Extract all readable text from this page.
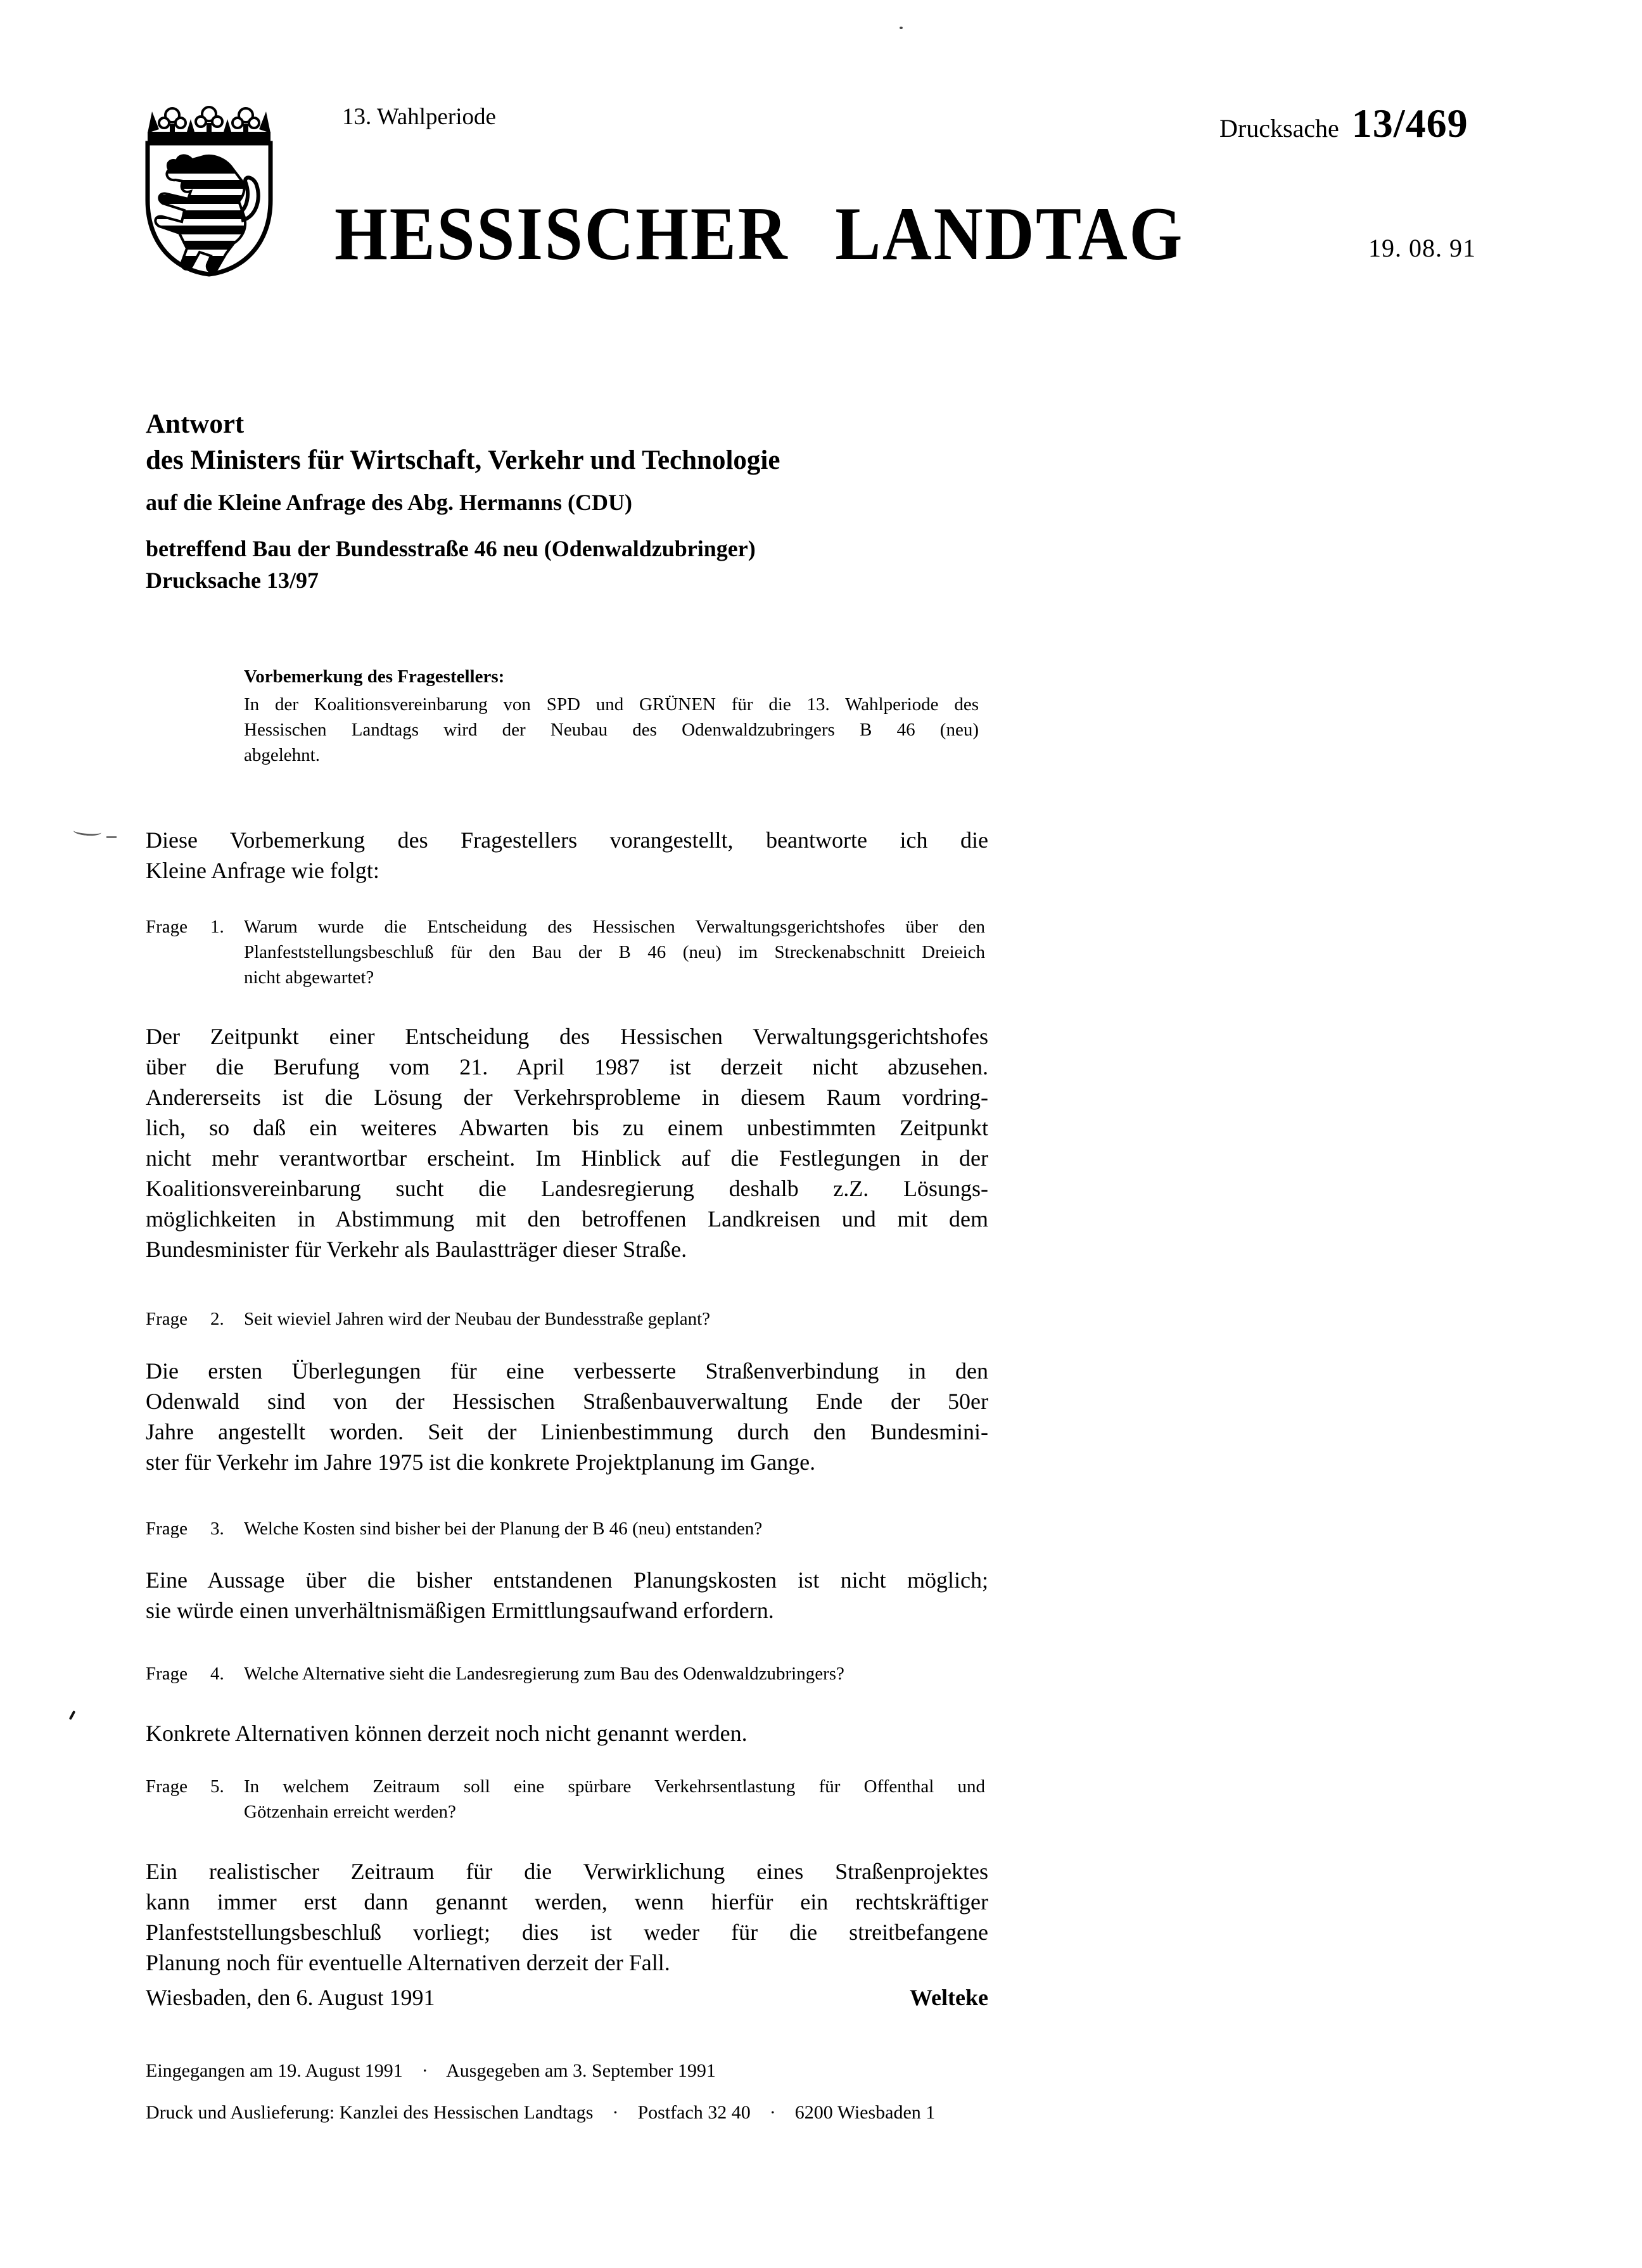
13. Wahlperiode	Drucksache 13/469
HESSISCHER LANDTAG	19. 08. 91
Antwort
des Ministers für Wirtschaft, Verkehr und Technologie
auf die Kleine Anfrage des Abg. Hermanns (CDU)
betreffend Bau der Bundesstraße 46 neu (Odenwaldzubringer)
Drucksache 13/97
Vorbemerkung des Fragestellers:
In der Koalitionsvereinbarung von SPD und GRÜNEN für die 13. Wahlperiode des
Hessischen Landtags wird der Neubau des Odenwaldzubringers B 46 (neu)
abgelehnt.
Diese Vorbemerkung des Fragestellers vorangestellt, beantworte ich die
Kleine Anfrage wie folgt:
Frage 1. Warum wurde die Entscheidung des Hessischen Verwaltungsgerichtshofes über den
Planfeststellungsbeschluß für den Bau der B 46 (neu) im Streckenabschnitt Dreieich
nicht abgewartet?
Der Zeitpunkt einer Entscheidung des Hessischen Verwaltungsgerichtshofes
über die Berufung vom 21. April 1987 ist derzeit nicht abzusehen.
Andererseits ist die Lösung der Verkehrsprobleme in diesem Raum vordring-
lich, so daß ein weiteres Abwarten bis zu einem unbestimmten Zeitpunkt
nicht mehr verantwortbar erscheint. Im Hinblick auf die Festlegungen in der
Koalitionsvereinbarung sucht die Landesregierung deshalb z.Z. Lösungs-
möglichkeiten in Abstimmung mit den betroffenen Landkreisen und mit dem
Bundesminister für Verkehr als Baulastträger dieser Straße.
Frage 2. Seit wieviel Jahren wird der Neubau der Bundesstraße geplant?
Die ersten Überlegungen für eine verbesserte Straßenverbindung in den
Odenwald sind von der Hessischen Straßenbauverwaltung Ende der 50er
Jahre angestellt worden. Seit der Linienbestimmung durch den Bundesmini-
ster für Verkehr im Jahre 1975 ist die konkrete Projektplanung im Gange.
Frage 3. Welche Kosten sind bisher bei der Planung der B 46 (neu) entstanden?
Eine Aussage über die bisher entstandenen Planungskosten ist nicht möglich;
sie würde einen unverhältnismäßigen Ermittlungsaufwand erfordern.
Frage 4. Welche Alternative sieht die Landesregierung zum Bau des Odenwaldzubringers?
Konkrete Alternativen können derzeit noch nicht genannt werden.
Frage 5. In welchem Zeitraum soll eine spürbare Verkehrsentlastung für Offenthal und
Götzenhain erreicht werden?
Ein realistischer Zeitraum für die Verwirklichung eines Straßenprojektes
kann immer erst dann genannt werden, wenn hierfür ein rechtskräftiger
Planfeststellungsbeschluß vorliegt; dies ist weder für die streitbefangene
Planung noch für eventuelle Alternativen derzeit der Fall.
Wiesbaden, den 6. August 1991	Welteke
Eingegangen am 19. August 1991    ·    Ausgegeben am 3. September 1991
Druck und Auslieferung: Kanzlei des Hessischen Landtags    ·    Postfach 32 40    ·    6200 Wiesbaden 1
